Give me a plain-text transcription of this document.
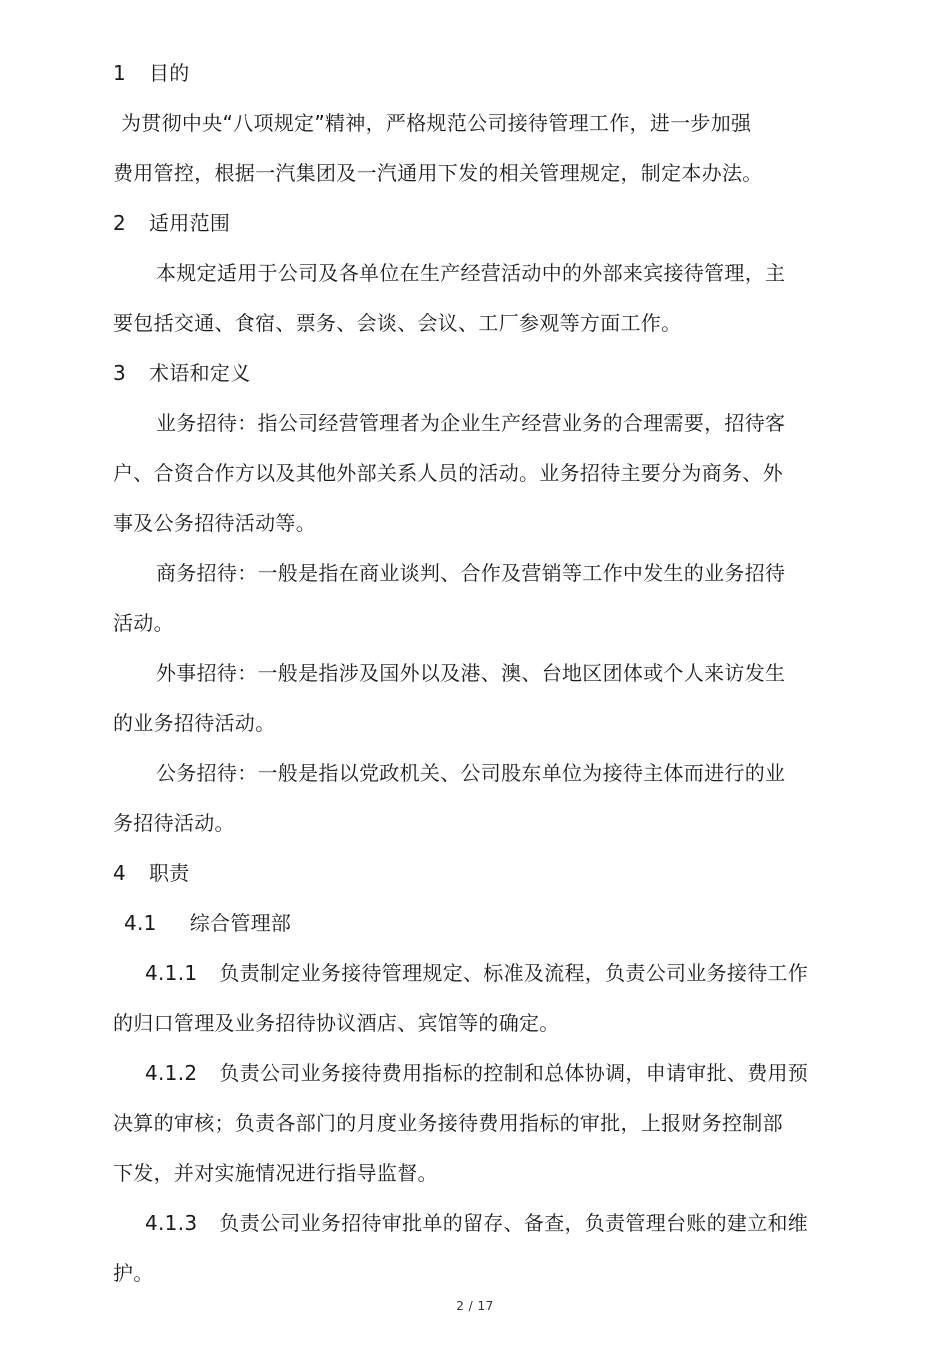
1 目的
为贯彻中央“八项规定”精神，严格规范公司接待管理工作，进一步加强
费用管控，根据一汽集团及一汽通用下发的相关管理规定，制定本办法。
2 适用范围
本规定适用于公司及各单位在生产经营活动中的外部来宾接待管理，主
要包括交通、食宿、票务、会谈、会议、工厂参观等方面工作。
3 术语和定义
业务招待：指公司经营管理者为企业生产经营业务的合理需要，招待客
户、合资合作方以及其他外部关系人员的活动。业务招待主要分为商务、外
事及公务招待活动等。
商务招待：一般是指在商业谈判、合作及营销等工作中发生的业务招待
活动。
外事招待：一般是指涉及国外以及港、澳、台地区团体或个人来访发生
的业务招待活动。
公务招待：一般是指以党政机关、公司股东单位为接待主体而进行的业
务招待活动。
4 职责
4.1 综合管理部
4.1.1 负责制定业务接待管理规定、标准及流程，负责公司业务接待工作
的归口管理及业务招待协议酒店、宾馆等的确定。
4.1.2 负责公司业务接待费用指标的控制和总体协调，申请审批、费用预
决算的审核；负责各部门的月度业务接待费用指标的审批，上报财务控制部
下发，并对实施情况进行指导监督。
4.1.3 负责公司业务招待审批单的留存、备查，负责管理台账的建立和维
护。
2 / 17
